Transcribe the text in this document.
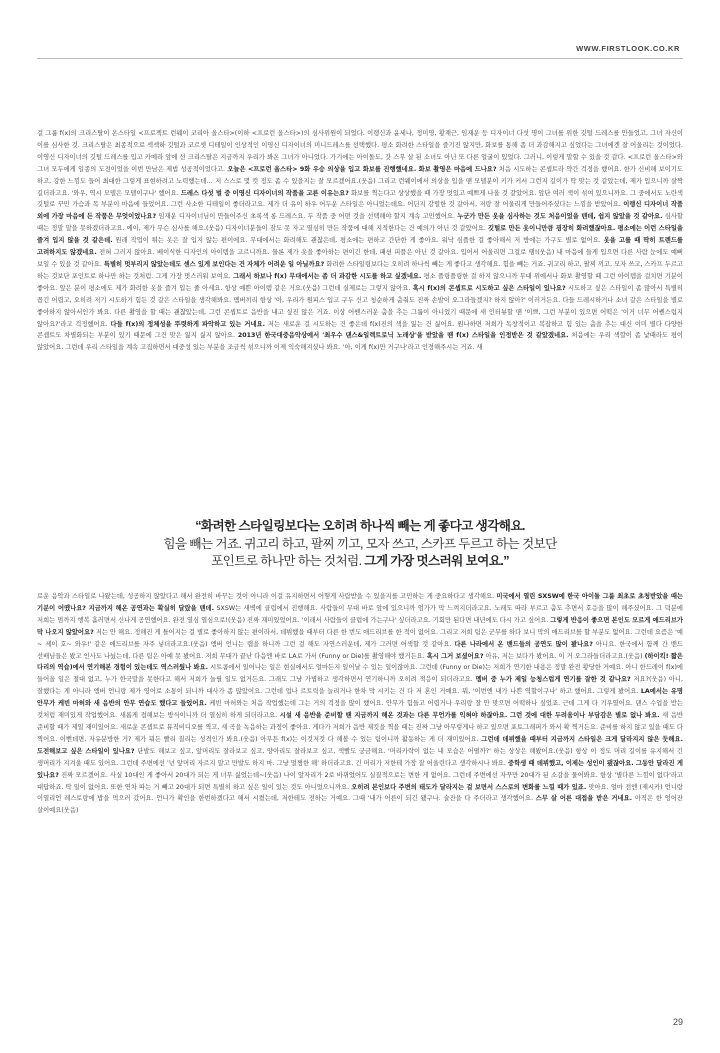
WWW.FIRSTLOOK.CO.KR

걸 그룹 f(x)의 크리스탈이 온스타일 <프로젝트 런웨이 코리아 올스타>(이하 <프로런 올스타>)의 심사위원이 되었다. 이랭신과 윤세나, 정미영, 황재근, 임재운 등 디자이너 다섯 명이 그녀를 위한 깃털 드레스를 만들었고, 그녀 자신이 이를 심사한 것. 크리스탈은 최종적으로 섹섹하 깃털과 코르셋 디테일이 인상적인 이영신 디자이너의 미니드레스를 선택했다. 평소 화려한 스타일을 즐기진 않지만, 화보를 통해 좀 더 과감해지고 싶었다는 그녀에겐 잘 어울리는 것이었다. 이영신 디자이너의 깃털 드레스를 입고 카메라 앞에 선 크리스탈은 지금까지 우리가 봐온 그녀가 아니었다. 가기에는 아이돌도, 갓 스무 살 된 소녀도 아닌 또 다른 얼굴이 있었다. 그러니, 이렇게 말할 수 있을 것 같다. <프로런 올스타>와 그녀 모두에게 일종의 도전이었을 이번 만남은 제법 성공적이었다고. 오늘은 <프로런 올스타> 9화 우승 의상을 입고 화보를 진행했네요. 화보 촬영은 마음에 드나요? 처음 시도하는 콘셉트라 약간 걱정을 했어요. 한가 신비해 보이기도 하고, 강한 느낌도 들어 최대한 그렇게 표현하려고 노력했는데… 저 스스로 몇 컷 정도 좀 수 있을지는 잘 모르겠어요.(웃음) 그리고 런웨이에서 의상을 입을 땐 모델분이 키가 커서 그런지 길이가 딱 맞는 것 같았는데, 제가 입으니까 살짝 길더라고요. '와우, 역시 모델은 모델이구나' 했어요. 드레스 다섯 벌 중 이영신 디자이너의 작품을 고른 이유는요? 화보를 찍는다고 상상했을 때 가장 멋있고 예쁘게 나올 것 같았어요. 앞단 여러 색이 섞여 있으니까요. 그 중에서도 노란색 깃털로 꾸민 가슴과 목 부분이 마음에 들었어요. 그런 사소한 디테일이 좋더라고요. 제가 더 유이 하우 어두운 스타일은 아니었는데요. 어딘지 강렬한 것 같아서, 저랑 잘 어울리게 만들어주셨다는 느낌을 받았어요. 이랭신 디자이너 작품 외에 가장 마음에 든 작품은 무엇이었나요? 임재운 디자이너님이 만들어주신 초록색 롱 드레스요. 두 작품 중 어떤 것을 선택해야 할지 계속 고민했어요. 누군가 만든 옷을 심사하는 것도 처음이었을 텐데, 쉽지 않았을 것 같아요. 심사할 때는 정말 말을 못하겠더라고요. 에이, 제가 무슨 심사를 해요.(웃음) 디자이너분들이 잠도 못 자고 열심히 만든 작품에 대해 지적한다는 건 예의가 아닌 것 같았어요. 깃털로 만든 옷이니만큼 굉장히 화려했잖아요. 평소에는 이런 스타일을 즐겨 입지 않을 것 같은데. 원래 작업이 튀는 옷은 잘 입지 않는 편이에요. 무대에서는 화려해도 괜찮은데, 평소에는 편하고 간단한 게 좋아요. 워낙 심플한 걸 좋아해서 저 방에는 가구도 별로 없어요. 옷을 고를 때 딱히 트렌드를 고려하지도 않겠네요. 전혀 그러지 않아요. 베이식한 디자인의 아이템을 고르니까요. 물론 제가 옷을 좋아하는 편이긴 한데, 패션 피플은 아닌 것 같아요. 입어서 어울리면 그걸로 땡!(웃음) 내 마음에 들게 입으면 다른 사람 눈에도 예뻐 보일 수 있을 것 같아요. 특별히 멋부리지 않았는데도 센스 있게 보인다는 건 자체가 어려운 일 아닐까요? 화려한 스타일링보다는 오히려 하나씩 빼는 게 좋다고 생각해요. 힘을 빼는 거죠. 귀고리 하고, 팔찌 끼고, 모자 쓰고, 스카프 두르고 하는 것보단 포인트로 하나만 하는 것처럼. 그게 가장 멋스러워 보여요. 그래서 하보나 f(x) 무대에서는 좀 더 과감한 시도를 하고 싶겠네요. 평소 플링플링한 걸 하지 않으니까 무대 위에서나 화보 촬영할 때 그런 아이템을 걸치면 기분이 좋아요. 앞은 분이 평소에도 제가 화려한 옷을 즐겨 입는 줄 아세요. 항상 예쁜 아이템 같은 거요.(웃음) 그런데 실제로는 그렇지 않아요. 혹시 f(x)의 콘셉트로 시도하고 싶은 스타일이 있나요? 시도하고 싶은 스타일이 좀 많아서 특별히 꼽긴 어렵고, 오히려 저기 시도하기 힘든 것 같은 스타일을 생각해봐요. 멤버끼리 항상 '아, 우리가 원피스 입고 구두 신고 청순하게 춤춰도 진짜 손발이 오그라들겠지? 하지 않아?' 이러거든요. 다들 드레시하거나 소녀 같은 스타일을 별로 좋아하지 않아서인가 봐요. 다른 촬영을 할 때는 괜찮았는데, 그런 콘셉트로 음반을 내고 싶진 않은 거죠. 이상 어쎈스러운 춤을 추는 그룹이 아니었기 때문에 새 인터뷰할 땐 '이쁘, 그런 부분이 있으면 어떡은 '이거 너무 어쎈스럽지 않아요?'라고 걱정했어요. 다들 f(x)의 정체성을 뚜렷하게 파악하고 있는 거네요. 저는 새로운 걸 시도하는 건 좋은데 f(x)진의 색을 잃는 건 싫어요. 원나하면 저희가 독창적이고 복잡하고 힘 있는 춤을 추는 대신 이미 별다 다양한 콘셉트도 차별화되는 부분이 있기 때문에 그건 맞은 잃지 싫지 않아요. 2013년 한국대중음악상에서 '최우수 댄스&일렉트로닉 노래상'을 받았을 땐 f(x) 스타일을 인정받은 것 같았겠네요. 처음에는 우리 색깔이 좀 낯때라도 평이 않았어요. 그런데 우리 스타일을 계속 고집하면서 대중성 있는 부분을 조금씩 섞으니까 이제 익숙해지셨나 봐요. '아, 이게 f(x)만 거구나'라고 인정해주시는 거죠. 새

“화려한 스타일링보다는 오히려 하나씩 빼는 게 좋다고 생각해요.
힘을 빼는 거죠. 귀고리 하고, 팔찌 끼고, 모자 쓰고, 스카프 두르고 하는 것보단
포인트로 하나만 하는 것처럼. 그게 가장 멋스러워 보여요.”

로운 음악과 스타일로 나왔는데, 성공하지 않았다고 해서 완전히 바꾸는 것이 아니라 이걸 유지하면서 어떻게 사람받을 수 있을지를 고민하는 게 중요하다고 생각해요. 미국에서 열린 SXSW에 한국 아이돌 그룹 최초로 초청받았을 때는 기분이 어땠나요? 지금까지 해온 공연과는 확실히 달랐을 텐데. SXSW는 새벽에 클럽에서 진행해요. 사람들이 무대 바로 앞에 있으니까 엄가가 막 느껴지더라고요. 노래도 따라 부르고 춤도 추면서 호응을 많이 해주셨어요. 그 덕분에 저희는 멈까지 행복 흘러면서 신나게 공연했어요. 완전 열심 열심으로!(웃음) 진짜 재미있었어요. '이래서 사람들이 클럽에 가는구나' 싶더라고요. 기회만 된다면 내년에도 다시 가고 싶어요. 그렇게 반응이 좋으면 본인도 모르게 애드리브가 막 나오지 않았어요? 저는 안 해요. 정해진 게 틀어지는 걸 별로 좋아하지 않는 편이라서, 데뷔했을 때부터 다른 한 번도 애드리브를 한 적이 없어요. 그리고 저희 팀은 군무를 하다 보니 막의 애드리브를 할 부분도 없어요. 그런데 요즘은 '예~ 세이 호~ 와우!' 같은 애드리브를 자주 넣더라고요.(웃음) 엠버 언니는 랩을 하니까 그런 걸 해도 자연스러운데, 제가 그러면 어색할 것 같아요. 다른 나라에서 온 밴드들의 공연도 많이 봤나요? 아니요. 한국에서 함께 간 밴드 선배님들은 봤고 인사도 나눴는데, 다른 팀은 아예 못 봤어요. 저희 무대가 끝난 다음엔 바로 LA로 가서 (Funny or Die)를 촬영해야 했거든요. 혹시 그거 보셨어요? 아유, 저는 보다가 봤어요. 이 거 오그라들더라고요.(웃음) (하이킥! 짧은 다리의 역습)에서 연기해본 경험이 있는데도 역스러웠나 봐요. 시트콤에서 일어나는 일은 현실에서도 얼마든지 일어날 수 있는 일이잖아요. 그런데 (Funny or Die)는 저희가 연기한 내용은 정말 완전 황당한 거예요. 아니 한드레이 f(x)에 들어올 일은 절대 없고, 누가 한국말을 못한다고 해서 저희가 놀릴 일도 없거든요. 그래도 그냥 가볍하고 생각하면서 연기하니까 오히려 적응이 되더라고요. 멤버 중 누가 제일 능청스럽게 연기를 잘한 것 같나요? 저요?(웃음) 아니, 잘했다는 게 아니라 엠버 언니랑 제가 영어로 소통이 되니까 대사가 좀 많았어요. 그런데 업나 르트릭을 늘리거나 한차 막 시키는 건 다 저 혼인 거예요. 뭐, '이번엔 내가 나쁜 역할이구나' 하고 했어요. 그렇게 봤어요. LA에서는 유명 안무가 케빈 마허와 새 음반의 안무 연습도 했다고 들었어요. 케빈 마허와는 처음 작업했는데 그는 거의 걱정을 많이 했어요. 안무가 힘들고 어렵거나 우리랑 잘 안 맞으면 어떡하나 싶었죠. 근데 그게 다 기우였어요. 댄스 수업을 받는 것처럼 재미있게 작업했어요. 새롭게 접해보는 방식이니까 더 열심히 하게 되더라고요. 시설 새 음반을 준비할 땐 지금까지 해온 것과는 다른 무언가를 익혀야 하잖아요. 그런 것에 대한 두려움이나 부담감은 별로 없나 봐요. 새 음반 준비할 때가 제일 재미있어요. 새로운 콘셉트로 뮤직비디오를 찍고, 새 곡을 녹음하는 과정이 좋아요. 게다가 저희가 음반 재킷을 찍을 때는 진짜 그냥 아무렇게나 하고 있으면 포토그래퍼가 와서 확 찍거든요. 준비를 하지 않고 있을 때도 다 찍어요. 이뻔데면, 자유분방한 거? 제가 뭐든 빨리 질리는 성격인가 봐요.(웃음) 아무튼 f(x)는 이것저것 다 해볼 수 있는 팀이니까 활동하는 게 더 재미있어요. 그런데 데뷔했을 때부터 지금까지 스타일은 크게 달라지지 않은 듯해요. 도전해보고 싶은 스타일이 있나요? 단발도 해보고 싶고, 앞머리도 잘라보고 싶고, 양아리도 잘라보고 싶고, 색빨도 궁금해요. '머리카락이 없는 내 모습은 어떨까?' 하는 상상은 해봤어요.(웃음) 항상 이 정도 머리 길이를 유지해서 긴 생머리가 지겨울 때도 있어요. 그런데 주변에선 '넌 앞머리 자르지 말고 만발도 하지 마. 그냥 멀쩡한 해' 하더라고요. 긴 머리가 저한테 가장 잘 어울린다고 생각하시나 봐요. 중학생 때 데뷔했고, 이제는 성인이 됐잖아요. 그동안 달라진 게 있나요? 진짜 모르겠어요. 사실 10대인 게 좋아서 20대가 되는 게 너무 싫었는데~(웃음) 나이 앞자리가 2로 바뀌었어도 실질적으로는 변한 게 없어요. 그런데 주변에선 자꾸만 20대가 된 소감을 물어봐요. 항상 '별다른 느낌이 없다'라고 대답하죠. 딱 일이 없어요. 또한 연차 따는 거 빼고 20대가 되면 특별히 하고 싶은 일이 있는 것도 아니었으니까요. 오히려 본인보다 주변의 태도가 달라지는 걸 보면서 스스로의 변화를 느낄 때가 있죠. 맞아요. 얼마 전엔 (제시카) 언니랑 이열리언 레스토랑에 밥을 먹으러 갔어요. 언니가 확인을 한번하겠다고 해서 시켰는데, 저한테도 전하는 거예요. 그때 '내가 어른이 되긴 됐구나. 술잔을 다 주더라고 생각했어요. 스무 살 어른 대접을 받은 거네요. 아직은 한 엉어잔 살이예요(웃음)

29
